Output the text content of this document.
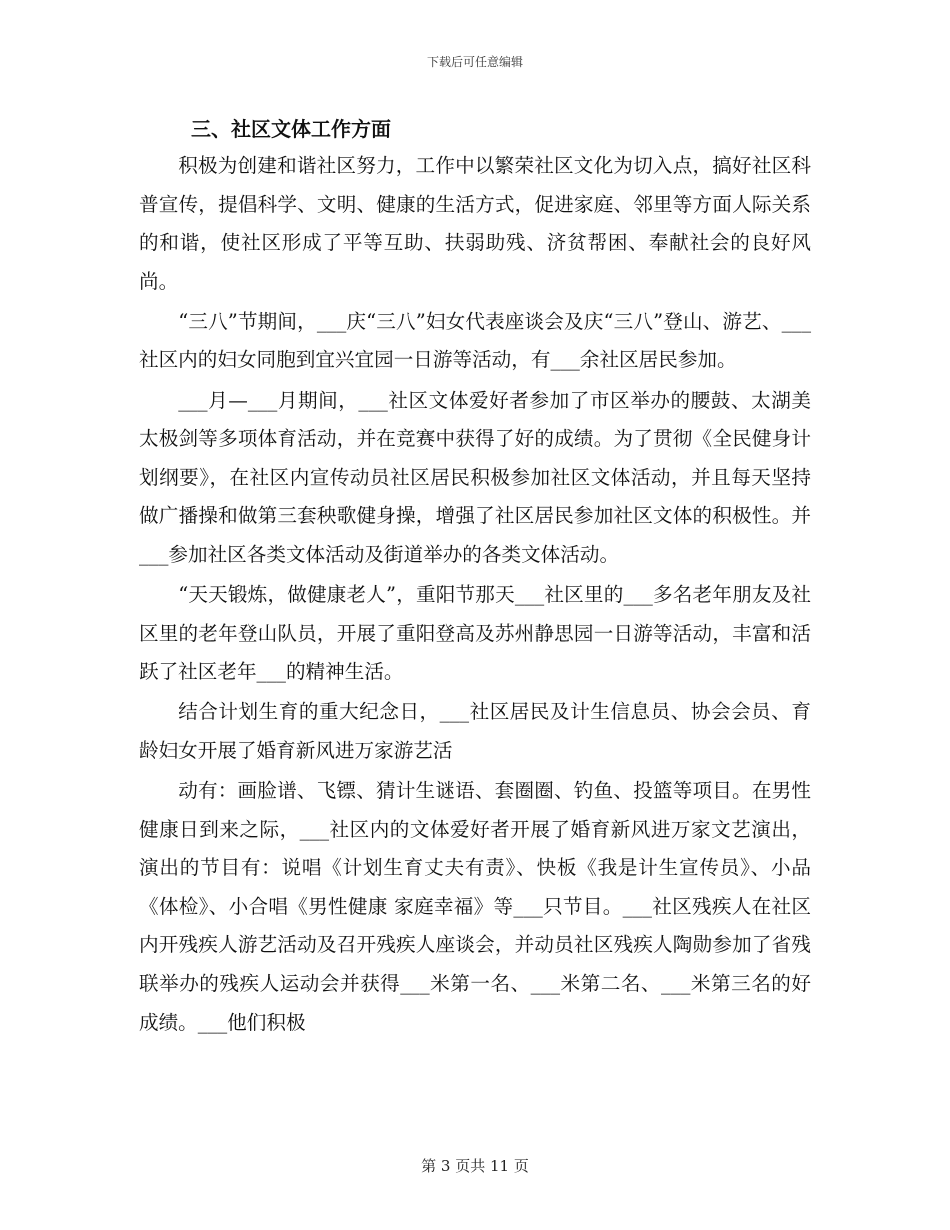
下载后可任意编辑
三、社区文体工作方面

积极为创建和谐社区努力，工作中以繁荣社区文化为切入点，搞好社区科普宣传，提倡科学、文明、健康的生活方式，促进家庭、邻里等方面人际关系的和谐，使社区形成了平等互助、扶弱助残、济贫帮困、奉献社会的良好风尚。

“三八”节期间，___庆“三八”妇女代表座谈会及庆“三八”登山、游艺、___社区内的妇女同胞到宜兴宜园一日游等活动，有___余社区居民参加。

___月—___月期间，___社区文体爱好者参加了市区举办的腰鼓、太湖美太极剑等多项体育活动，并在竞赛中获得了好的成绩。为了贯彻《全民健身计划纲要》，在社区内宣传动员社区居民积极参加社区文体活动，并且每天坚持做广播操和做第三套秧歌健身操，增强了社区居民参加社区文体的积极性。并___参加社区各类文体活动及街道举办的各类文体活动。

“天天锻炼，做健康老人”，重阳节那天___社区里的___多名老年朋友及社区里的老年登山队员，开展了重阳登高及苏州静思园一日游等活动，丰富和活跃了社区老年___的精神生活。

结合计划生育的重大纪念日，___社区居民及计生信息员、协会会员、育龄妇女开展了婚育新风进万家游艺活

动有：画脸谱、飞镖、猜计生谜语、套圈圈、钓鱼、投篮等项目。在男性健康日到来之际，___社区内的文体爱好者开展了婚育新风进万家文艺演出，演出的节目有：说唱《计划生育丈夫有责》、快板《我是计生宣传员》、小品《体检》、小合唱《男性健康 家庭幸福》等___只节目。___社区残疾人在社区内开残疾人游艺活动及召开残疾人座谈会，并动员社区残疾人陶勋参加了省残联举办的残疾人运动会并获得___米第一名、___米第二名、___米第三名的好成绩。___他们积极

第 3 页共 11 页
